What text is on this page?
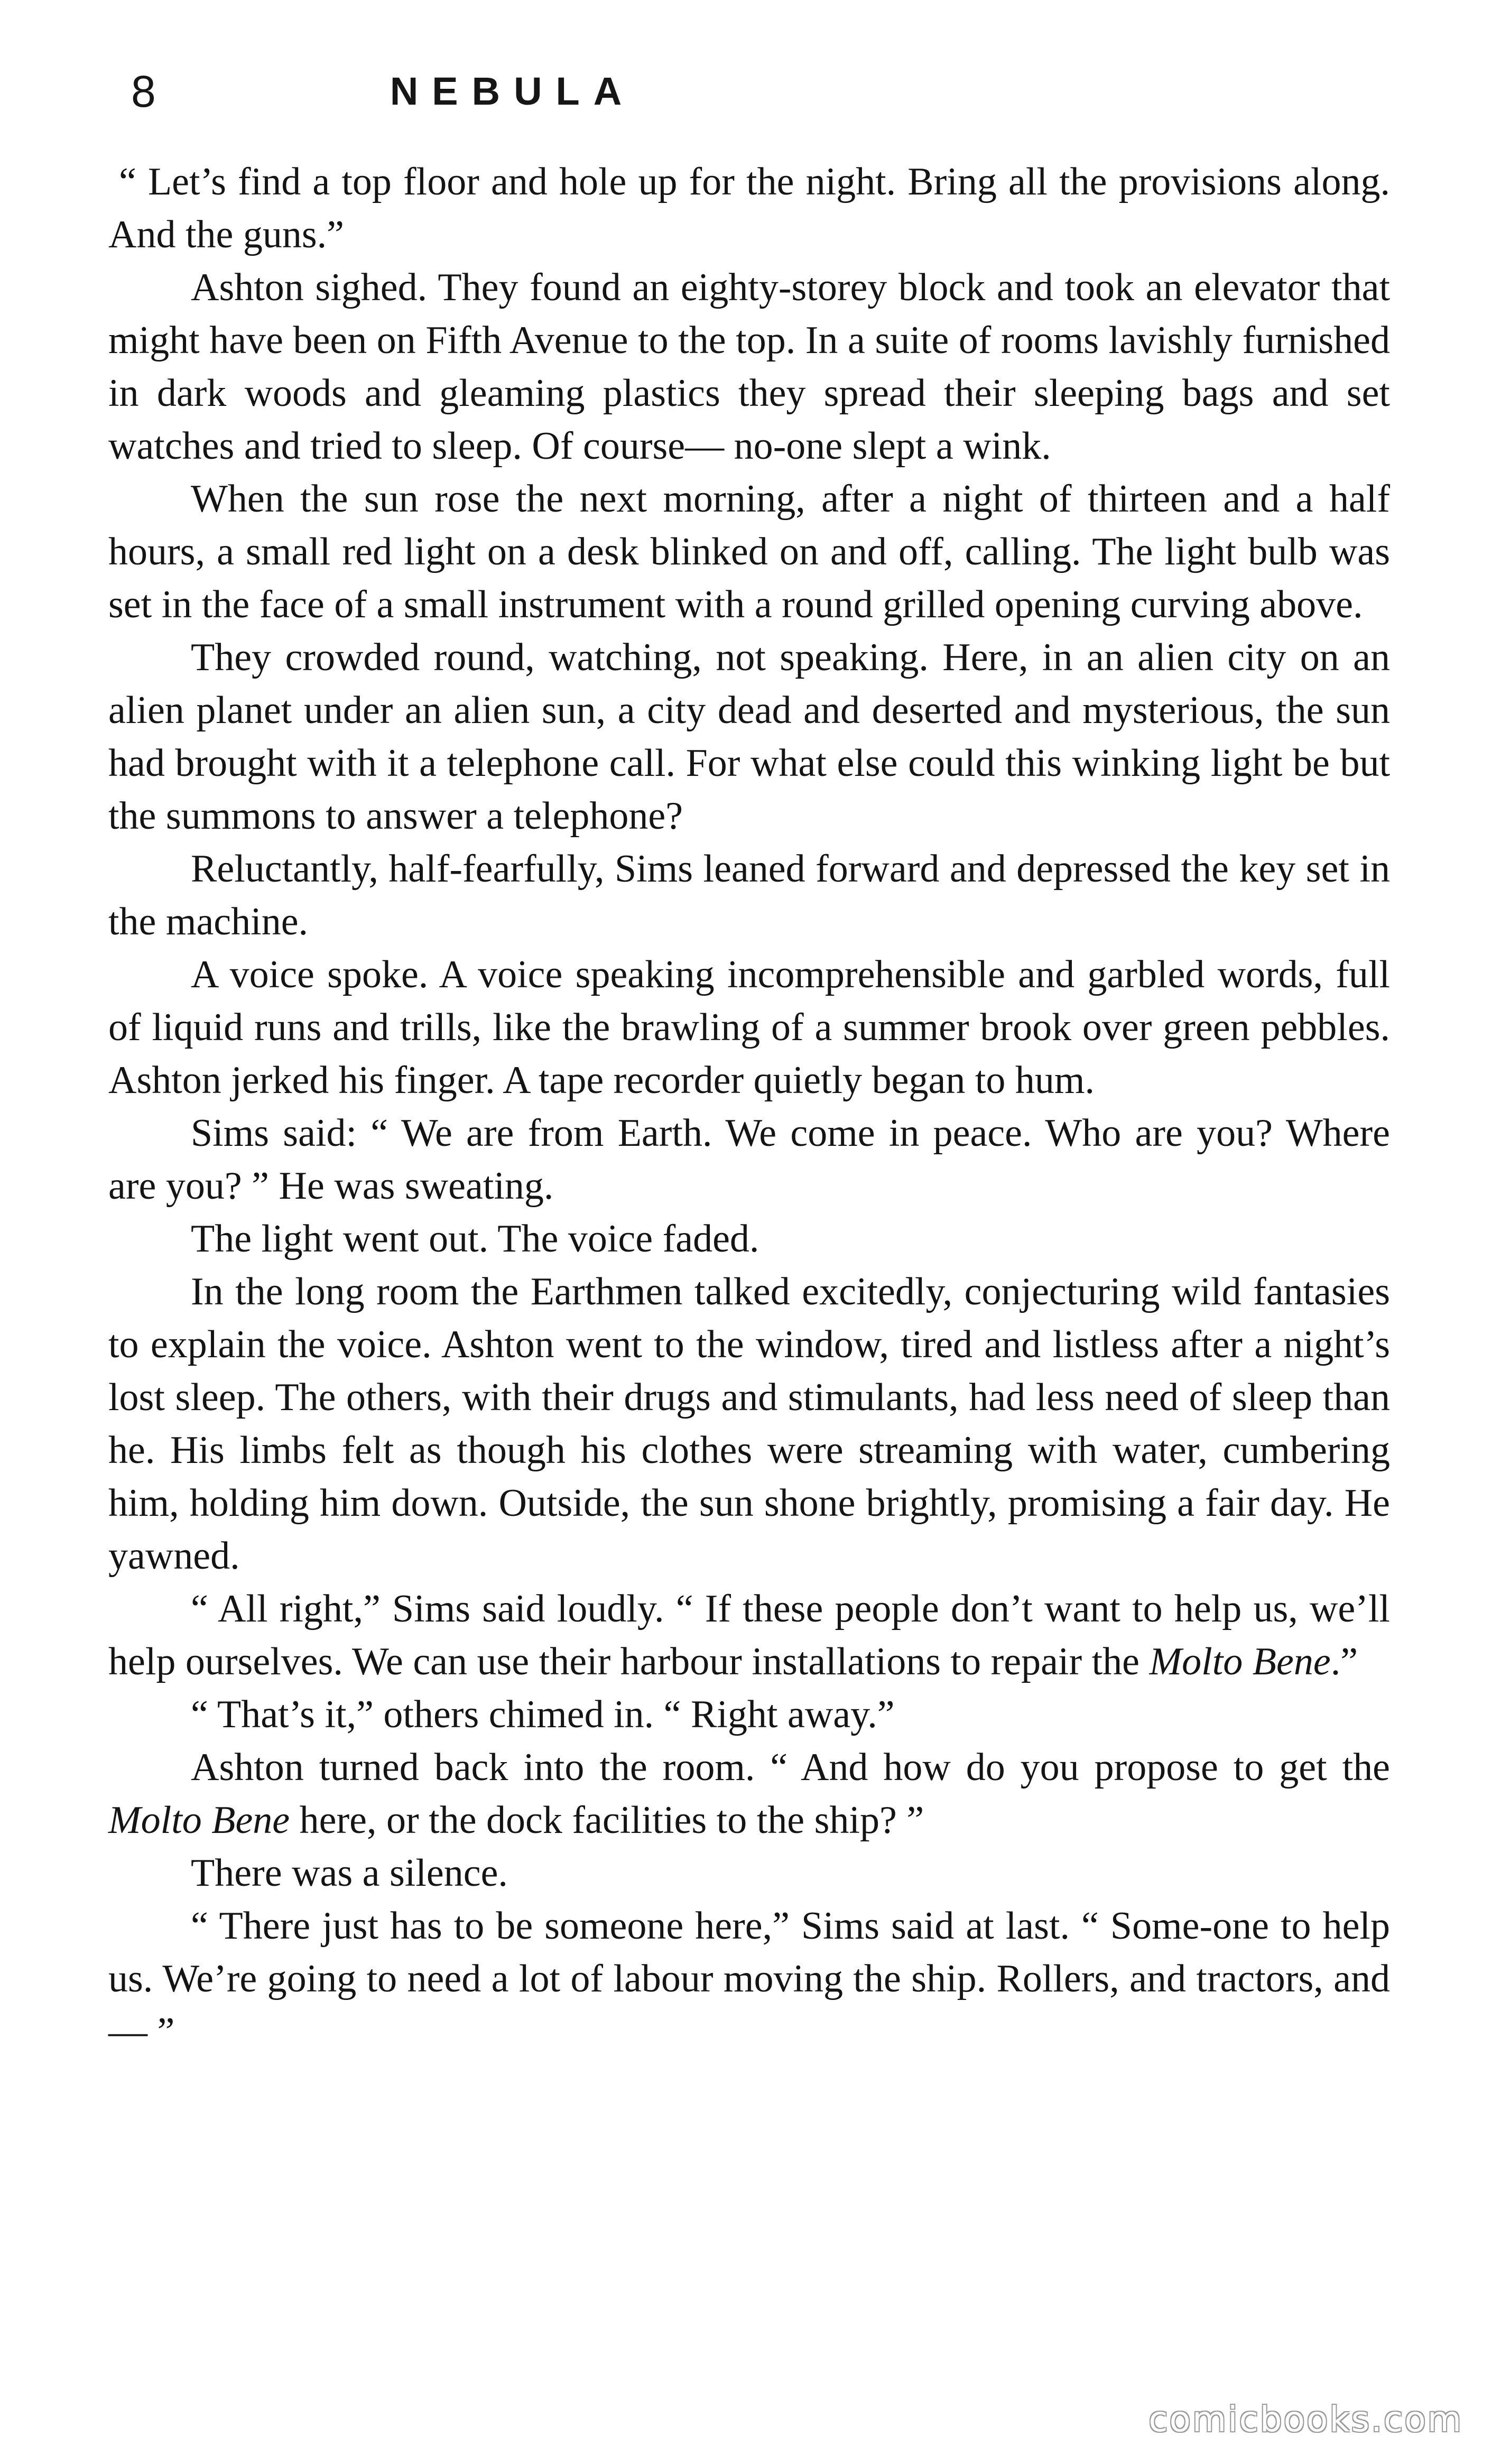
8	NEBULA

“ Let’s find a top floor and hole up for the night. Bring all the provisions along. And the guns.”

Ashton sighed. They found an eighty-storey block and took an elevator that might have been on Fifth Avenue to the top. In a suite of rooms lavishly furnished in dark woods and gleaming plastics they spread their sleeping bags and set watches and tried to sleep. Of course— no-one slept a wink.

When the sun rose the next morning, after a night of thirteen and a half hours, a small red light on a desk blinked on and off, calling. The light bulb was set in the face of a small instrument with a round grilled opening curving above.

They crowded round, watching, not speaking. Here, in an alien city on an alien planet under an alien sun, a city dead and deserted and mysterious, the sun had brought with it a telephone call. For what else could this winking light be but the summons to answer a telephone?

Reluctantly, half-fearfully, Sims leaned forward and depressed the key set in the machine.

A voice spoke. A voice speaking incomprehensible and garbled words, full of liquid runs and trills, like the brawling of a summer brook over green pebbles. Ashton jerked his finger. A tape recorder quietly began to hum.

Sims said: “ We are from Earth. We come in peace. Who are you? Where are you? ” He was sweating.

The light went out. The voice faded.

In the long room the Earthmen talked excitedly, conjecturing wild fantasies to explain the voice. Ashton went to the window, tired and listless after a night’s lost sleep. The others, with their drugs and stimulants, had less need of sleep than he. His limbs felt as though his clothes were streaming with water, cumbering him, holding him down. Outside, the sun shone brightly, promising a fair day. He yawned.

“ All right,” Sims said loudly. “ If these people don’t want to help us, we’ll help ourselves. We can use their harbour installations to repair the Molto Bene.”

“ That’s it,” others chimed in. “ Right away.”

Ashton turned back into the room. “ And how do you propose to get the Molto Bene here, or the dock facilities to the ship? ”

There was a silence.

“ There just has to be someone here,” Sims said at last. “ Some-one to help us. We’re going to need a lot of labour moving the ship. Rollers, and tractors, and— ”

comicbooks.com
